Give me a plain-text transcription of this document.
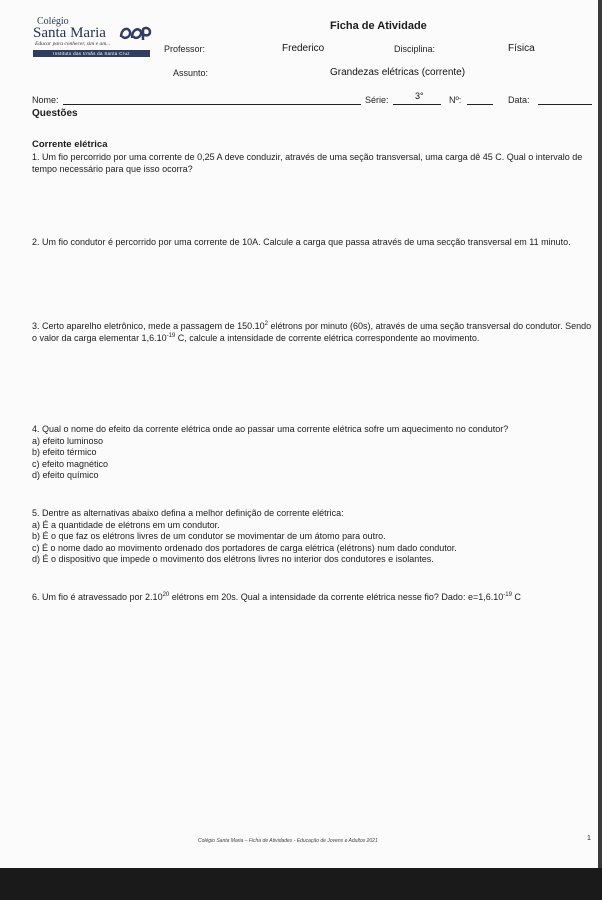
Colégio
Santa Maria
Educar para conhecer, sim e am...
Instituto das Irmãs da Santa Cruz
Ficha de Atividade
Professor:	Frederico	Disciplina:	Física
Assunto:	Grandezas elétricas (corrente)
Nome:	Série:	3°	Nº:	Data:
Questões
Corrente elétrica

1. Um fio percorrido por uma corrente de 0,25 A deve conduzir, através de uma seção transversal, uma carga dê 45 C. Qual o intervalo de tempo necessário para que isso ocorra?

2. Um fio condutor é percorrido por uma corrente de 10A. Calcule a carga que passa através de uma secção transversal em 11 minuto.

3. Certo aparelho eletrônico, mede a passagem de 150.10$^2$ elétrons por minuto (60s), através de uma seção transversal do condutor. Sendo o valor da carga elementar $1,6.10^{-19}$ C, calcule a intensidade de corrente elétrica correspondente ao movimento.

4. Qual o nome do efeito da corrente elétrica onde ao passar uma corrente elétrica sofre um aquecimento no condutor?

a) efeito luminoso

b) efeito térmico

c) efeito magnético

d) efeito químico

5. Dentre as alternativas abaixo defina a melhor definição de corrente elétrica:

a) É a quantidade de elétrons em um condutor.

b) É o que faz os elétrons livres de um condutor se movimentar de um átomo para outro.

c) É o nome dado ao movimento ordenado dos portadores de carga elétrica (elétrons) num dado condutor.

d) É o dispositivo que impede o movimento dos elétrons livres no interior dos condutores e isolantes.

6. Um fio é atravessado por 2.10$^{20}$ elétrons em 20s. Qual a intensidade da corrente elétrica nesse fio? Dado: $e=1,6.10^{-19}$ C

Colégio Santa Maria – Ficha de Atividades - Educação de Jovens e Adultos 2021	1
